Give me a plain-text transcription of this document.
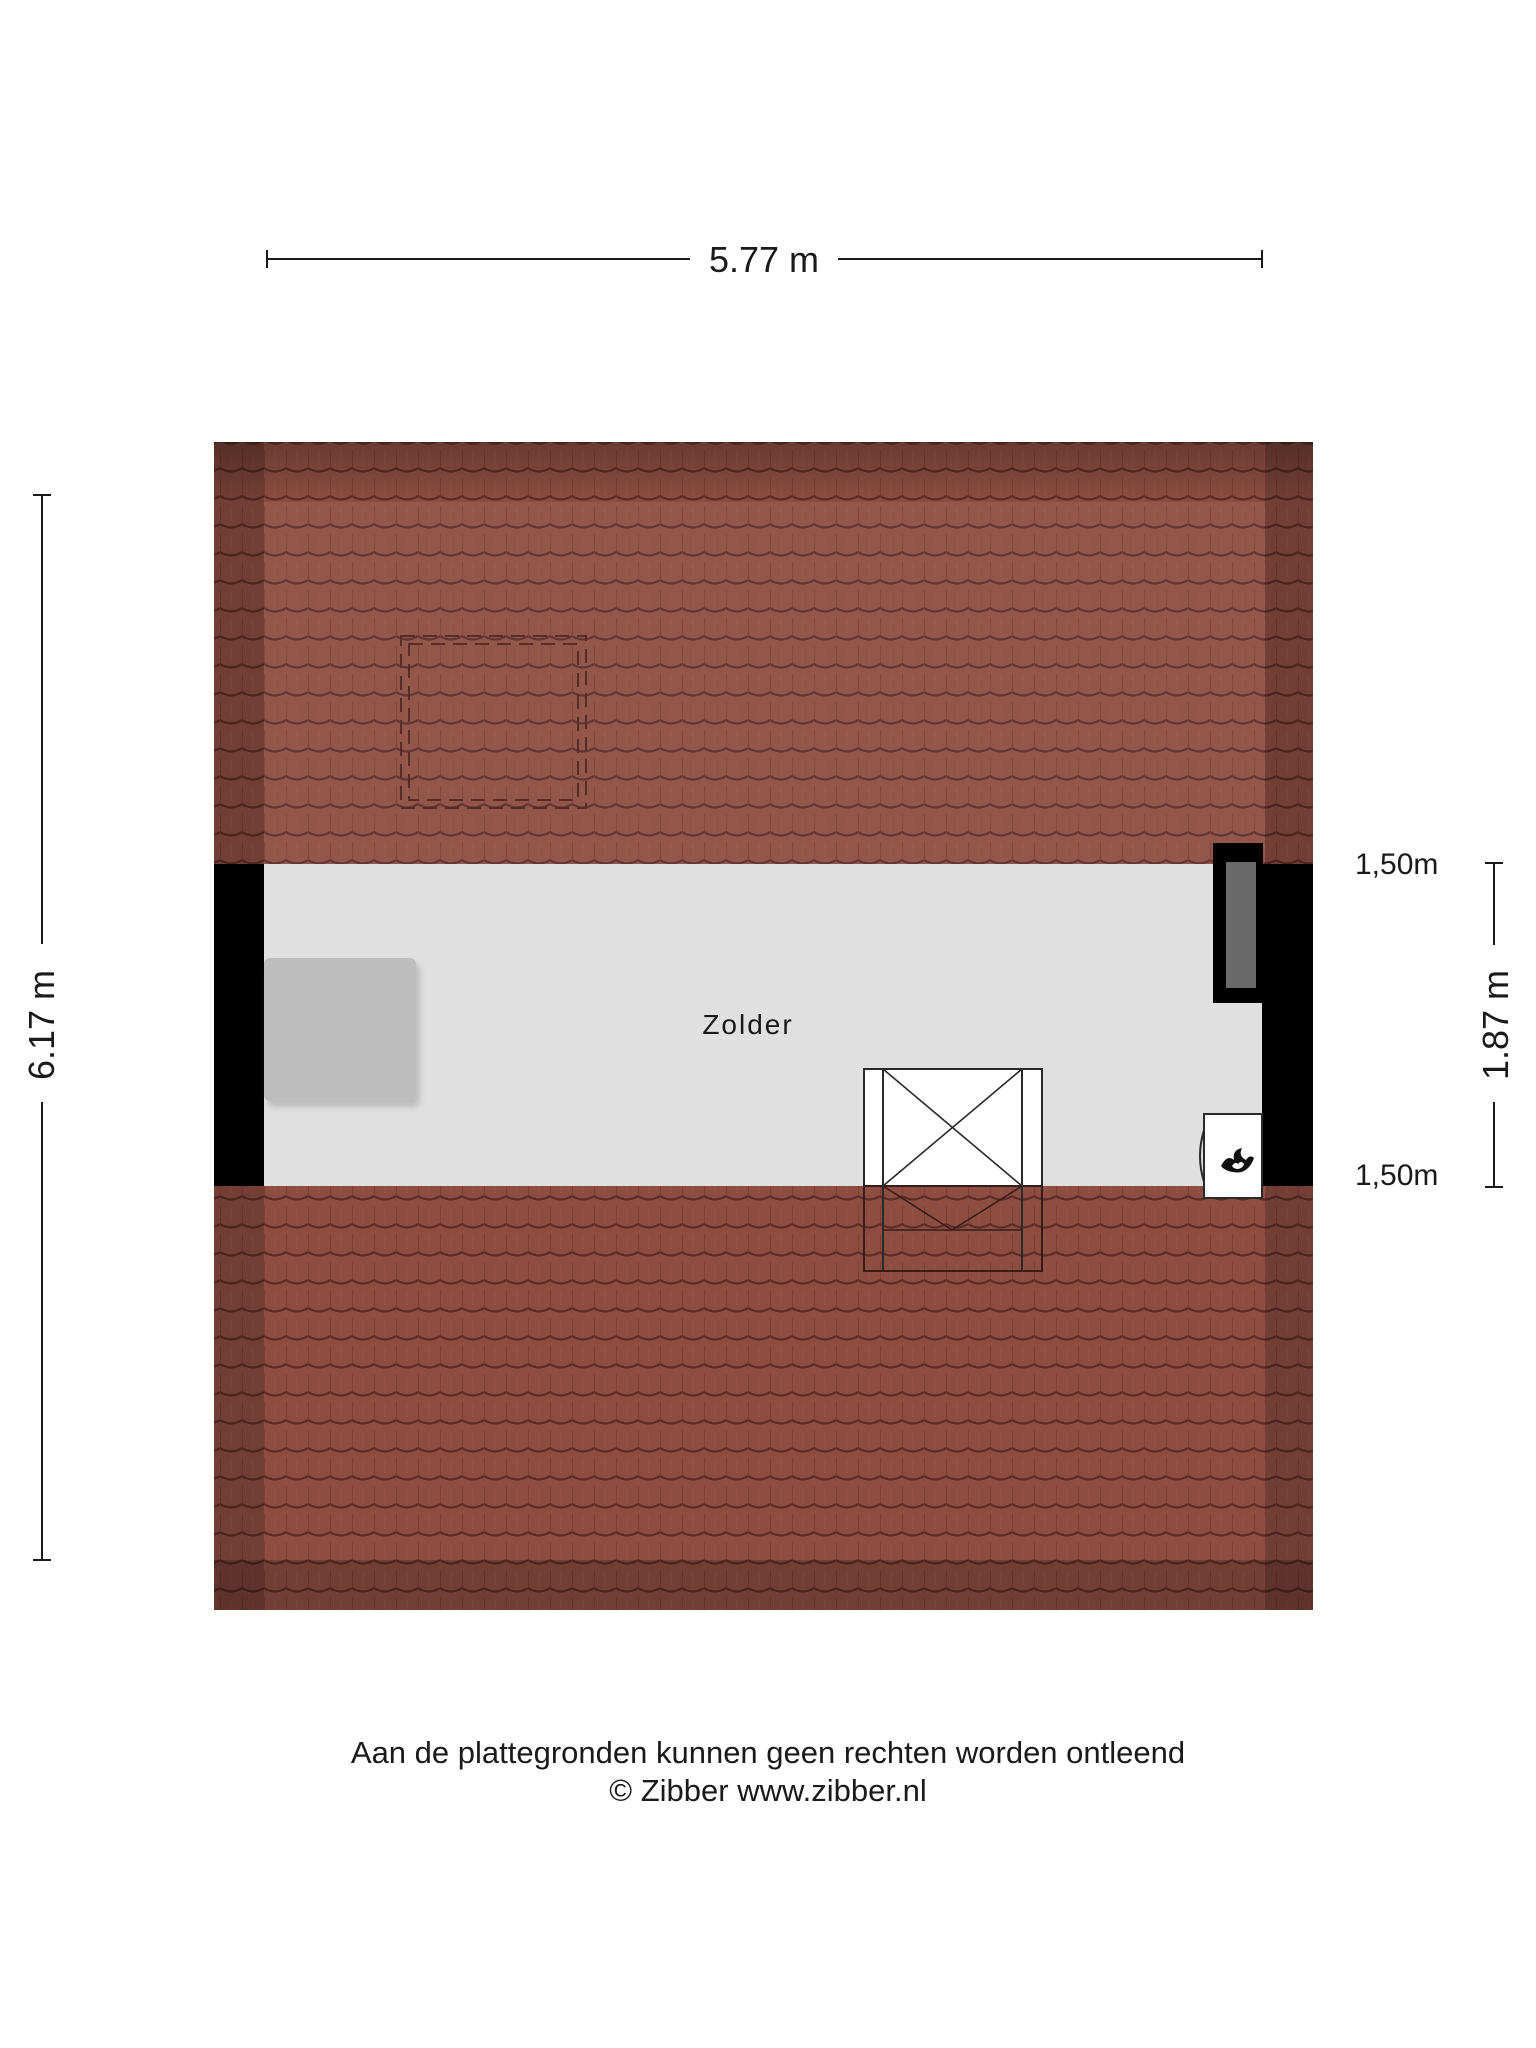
5.77 m
6.17 m	1.87 m
1,50m
1,50m
Zolder
Aan de plattegronden kunnen geen rechten worden ontleend
© Zibber www.zibber.nl
